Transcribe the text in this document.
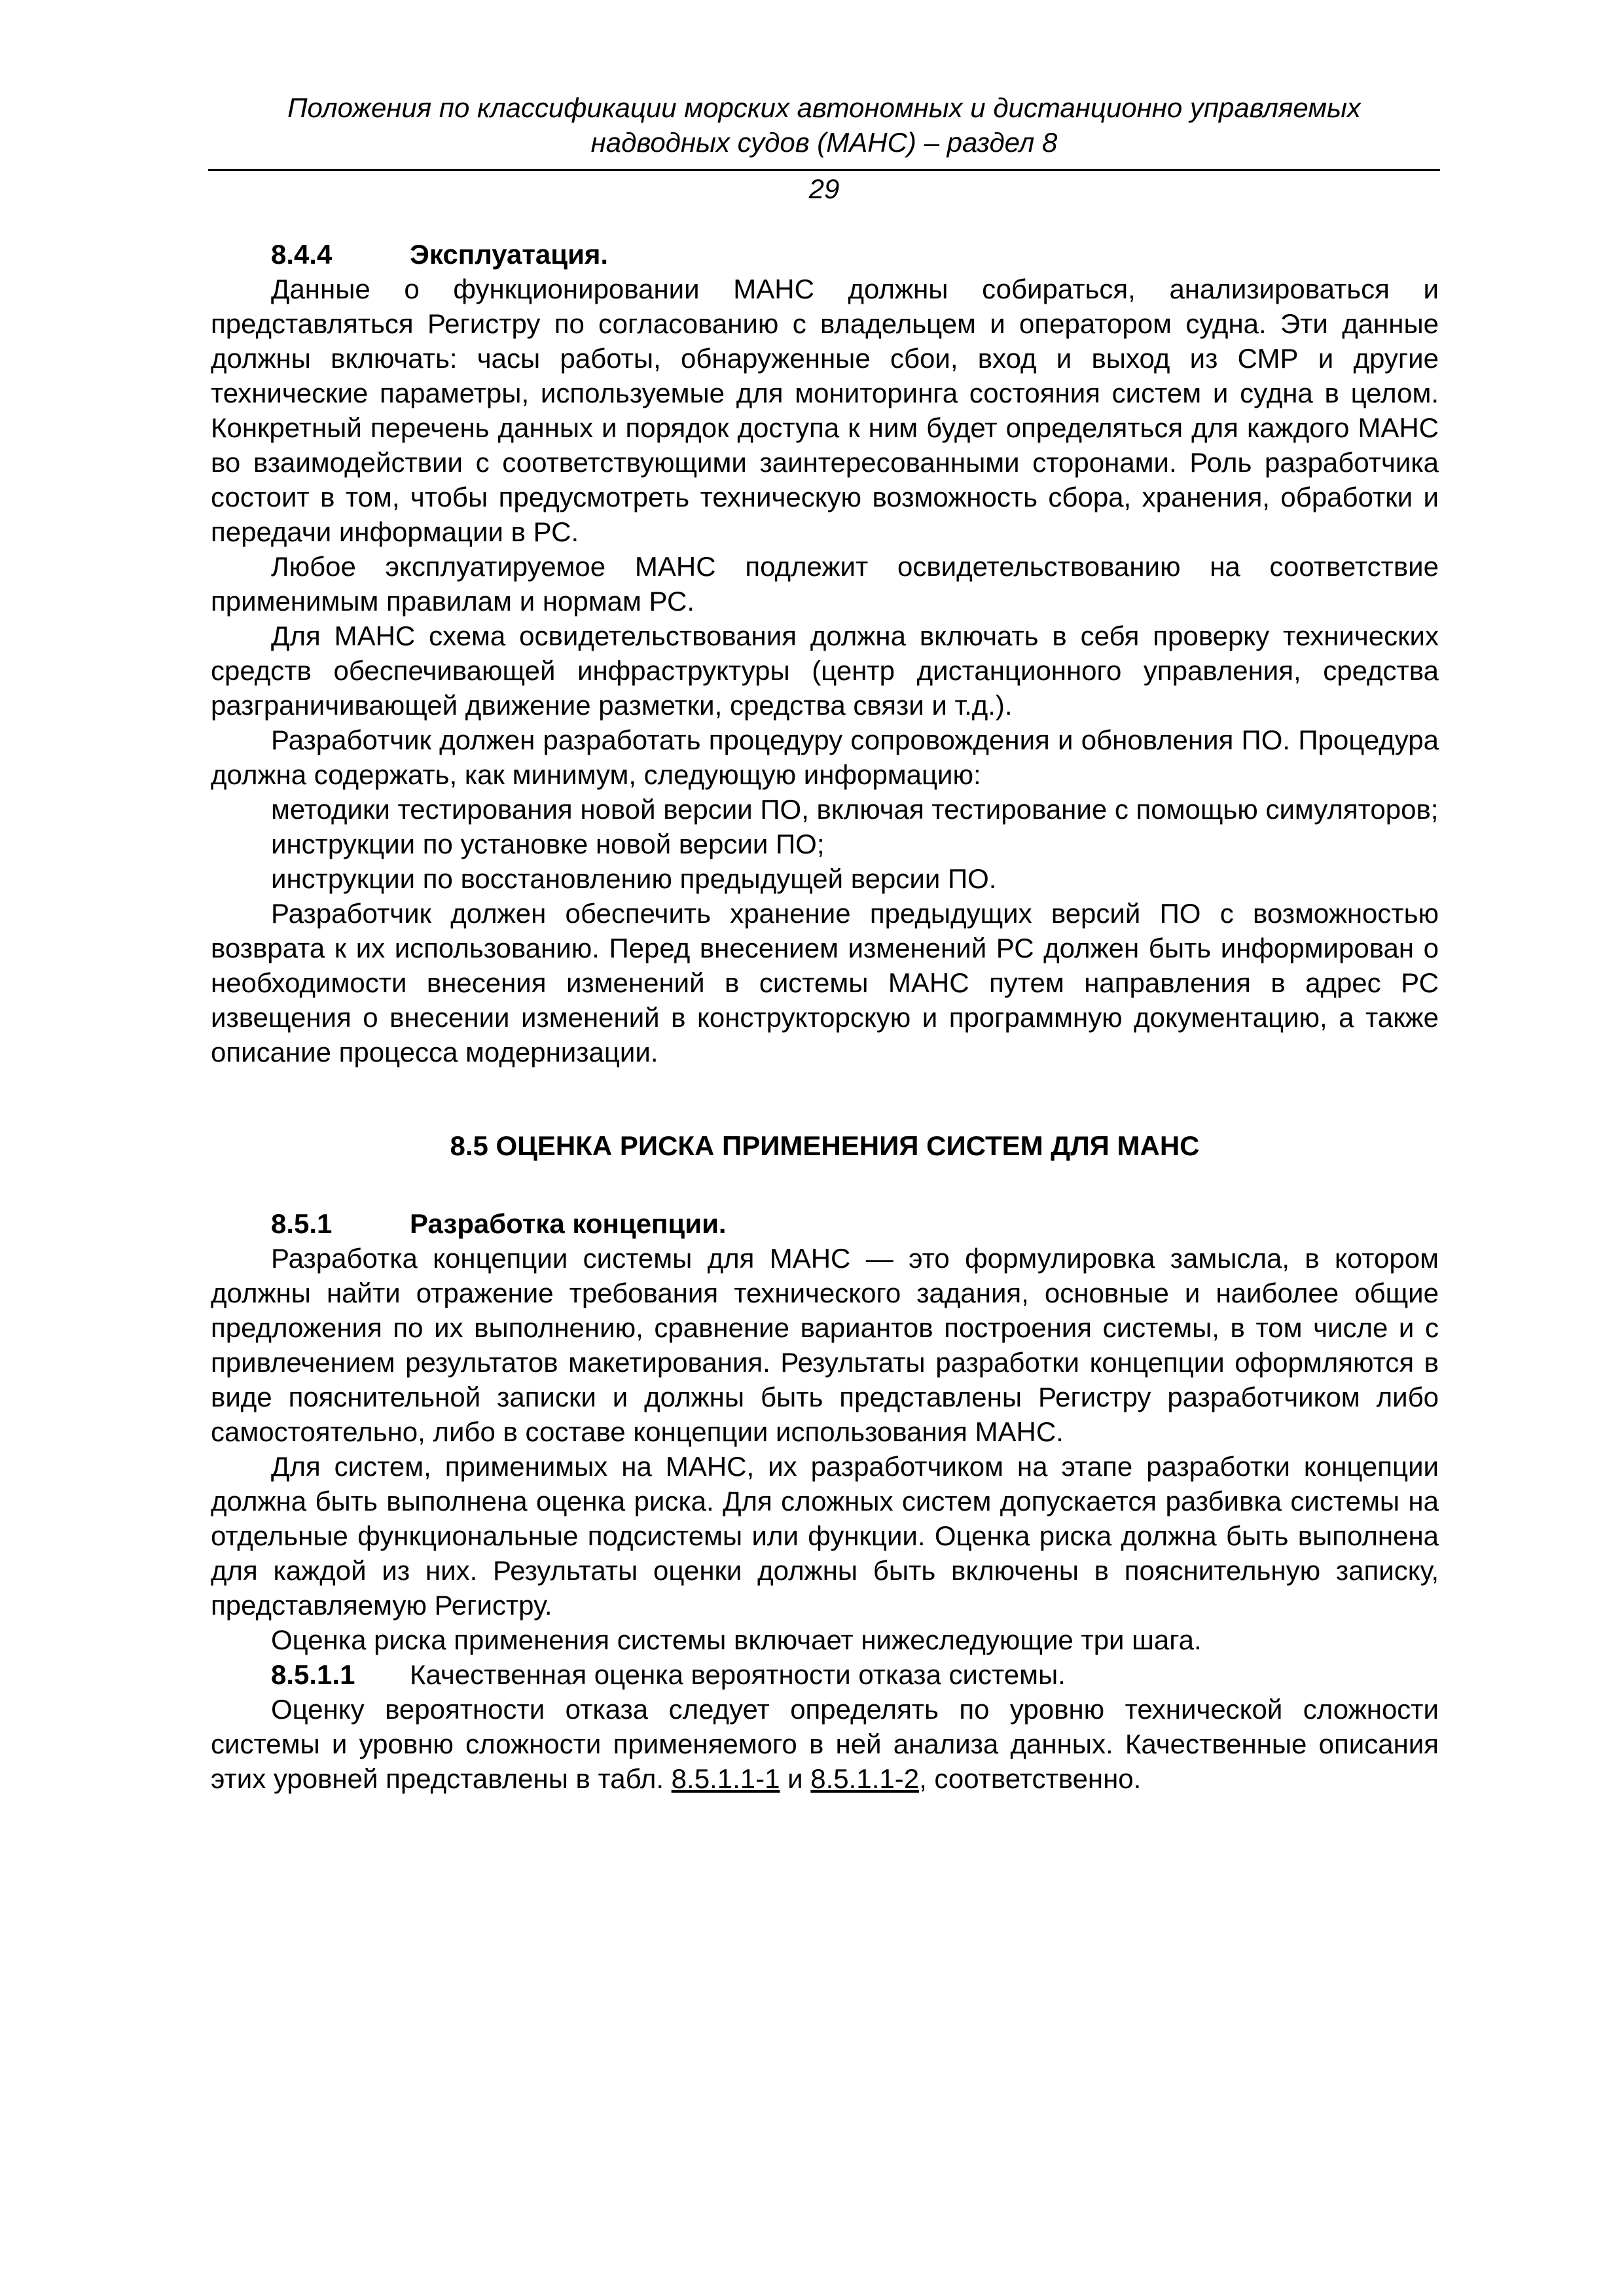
Положения по классификации морских автономных и дистанционно управляемых
надводных судов (МАНС) – раздел 8
29
8.4.4	Эксплуатация.

Данные о функционировании МАНС должны собираться, анализироваться и представляться Регистру по согласованию с владельцем и оператором судна. Эти данные должны включать: часы работы, обнаруженные сбои, вход и выход из СМР и другие технические параметры, используемые для мониторинга состояния систем и судна в целом. Конкретный перечень данных и порядок доступа к ним будет определяться для каждого МАНС во взаимодействии с соответствующими заинтересованными сторонами. Роль разработчика состоит в том, чтобы предусмотреть техническую возможность сбора, хранения, обработки и передачи информации в РС.

Любое эксплуатируемое МАНС подлежит освидетельствованию на соответствие применимым правилам и нормам РС.

Для МАНС схема освидетельствования должна включать в себя проверку технических средств обеспечивающей инфраструктуры (центр дистанционного управления, средства разграничивающей движение разметки, средства связи и т.д.).

Разработчик должен разработать процедуру сопровождения и обновления ПО. Процедура должна содержать, как минимум, следующую информацию:

методики тестирования новой версии ПО, включая тестирование с помощью симуляторов;

инструкции по установке новой версии ПО;

инструкции по восстановлению предыдущей версии ПО.

Разработчик должен обеспечить хранение предыдущих версий ПО с возможностью возврата к их использованию. Перед внесением изменений РС должен быть информирован о необходимости внесения изменений в системы МАНС путем направления в адрес РС извещения о внесении изменений в конструкторскую и программную документацию, а также описание процесса модернизации.

8.5 ОЦЕНКА РИСКА ПРИМЕНЕНИЯ СИСТЕМ ДЛЯ МАНС
8.5.1	Разработка концепции.

Разработка концепции системы для МАНС — это формулировка замысла, в котором должны найти отражение требования технического задания, основные и наиболее общие предложения по их выполнению, сравнение вариантов построения системы, в том числе и с привлечением результатов макетирования. Результаты разработки концепции оформляются в виде пояснительной записки и должны быть представлены Регистру разработчиком либо самостоятельно, либо в составе концепции использования МАНС.

Для систем, применимых на МАНС, их разработчиком на этапе разработки концепции должна быть выполнена оценка риска. Для сложных систем допускается разбивка системы на отдельные функциональные подсистемы или функции. Оценка риска должна быть выполнена для каждой из них. Результаты оценки должны быть включены в пояснительную записку, представляемую Регистру.

Оценка риска применения системы включает нижеследующие три шага.

8.5.1.1 Качественная оценка вероятности отказа системы.

Оценку вероятности отказа следует определять по уровню технической сложности системы и уровню сложности применяемого в ней анализа данных. Качественные описания этих уровней представлены в табл. 8.5.1.1-1 и 8.5.1.1-2, соответственно.
